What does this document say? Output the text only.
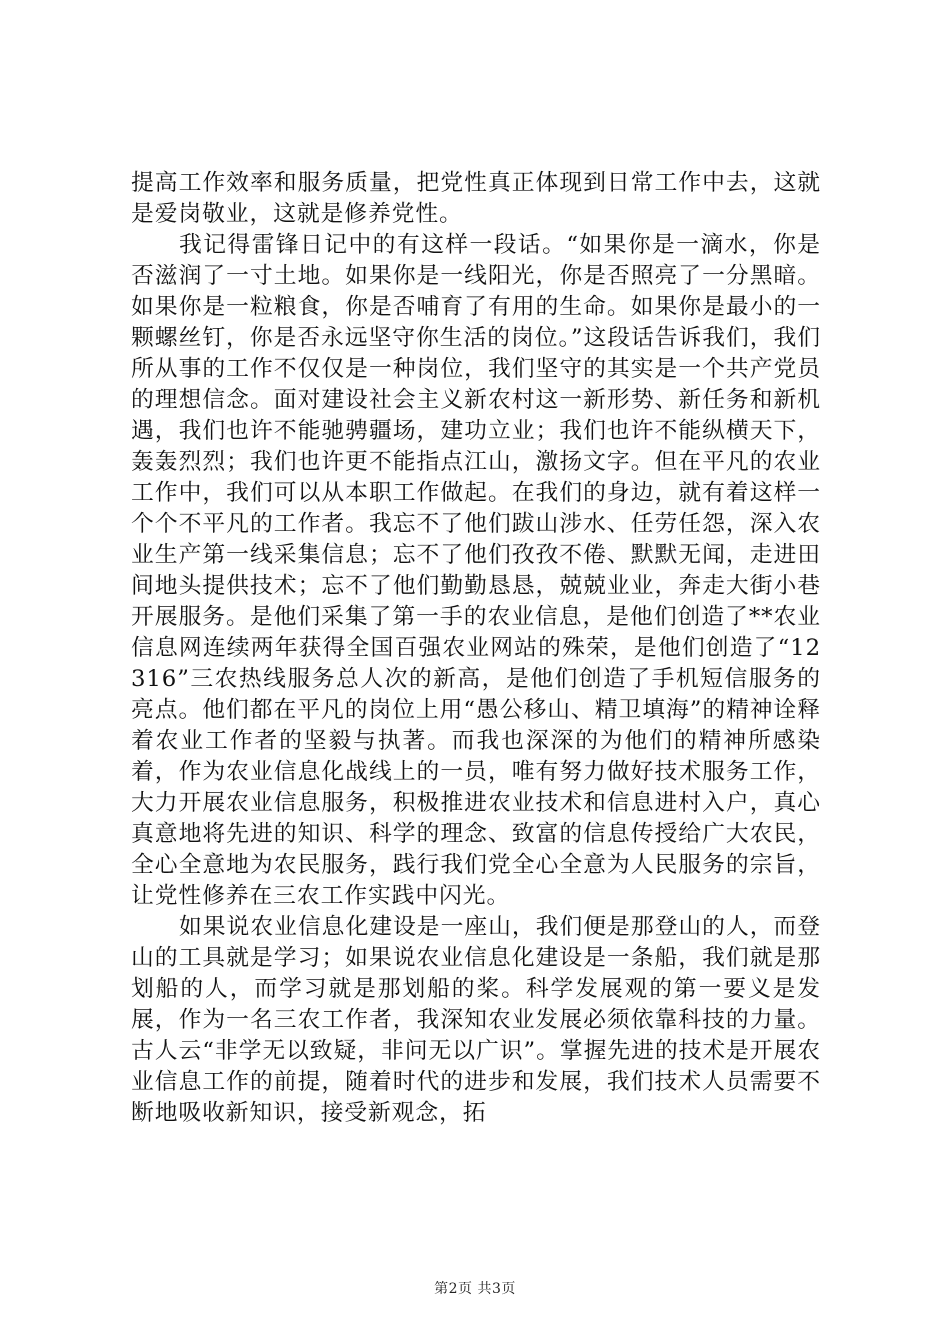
提高工作效率和服务质量，把党性真正体现到日常工作中去，这就是爱岗敬业，这就是修养党性。

我记得雷锋日记中的有这样一段话。“如果你是一滴水，你是否滋润了一寸土地。如果你是一线阳光，你是否照亮了一分黑暗。如果你是一粒粮食，你是否哺育了有用的生命。如果你是最小的一颗螺丝钉，你是否永远坚守你生活的岗位。”这段话告诉我们，我们所从事的工作不仅仅是一种岗位，我们坚守的其实是一个共产党员的理想信念。面对建设社会主义新农村这一新形势、新任务和新机遇，我们也许不能驰骋疆场，建功立业；我们也许不能纵横天下，轰轰烈烈；我们也许更不能指点江山，激扬文字。但在平凡的农业工作中，我们可以从本职工作做起。在我们的身边，就有着这样一个个不平凡的工作者。我忘不了他们跋山涉水、任劳任怨，深入农业生产第一线采集信息；忘不了他们孜孜不倦、默默无闻，走进田间地头提供技术；忘不了他们勤勤恳恳，兢兢业业，奔走大街小巷开展服务。是他们采集了第一手的农业信息，是他们创造了**农业信息网连续两年获得全国百强农业网站的殊荣，是他们创造了“12316”三农热线服务总人次的新高，是他们创造了手机短信服务的亮点。他们都在平凡的岗位上用“愚公移山、精卫填海”的精神诠释着农业工作者的坚毅与执著。而我也深深的为他们的精神所感染着，作为农业信息化战线上的一员，唯有努力做好技术服务工作，大力开展农业信息服务，积极推进农业技术和信息进村入户，真心真意地将先进的知识、科学的理念、致富的信息传授给广大农民，全心全意地为农民服务，践行我们党全心全意为人民服务的宗旨，让党性修养在三农工作实践中闪光。

如果说农业信息化建设是一座山，我们便是那登山的人，而登山的工具就是学习；如果说农业信息化建设是一条船，我们就是那划船的人，而学习就是那划船的桨。科学发展观的第一要义是发展，作为一名三农工作者，我深知农业发展必须依靠科技的力量。古人云“非学无以致疑，非问无以广识”。掌握先进的技术是开展农业信息工作的前提，随着时代的进步和发展，我们技术人员需要不断地吸收新知识，接受新观念，拓

第2页 共3页
